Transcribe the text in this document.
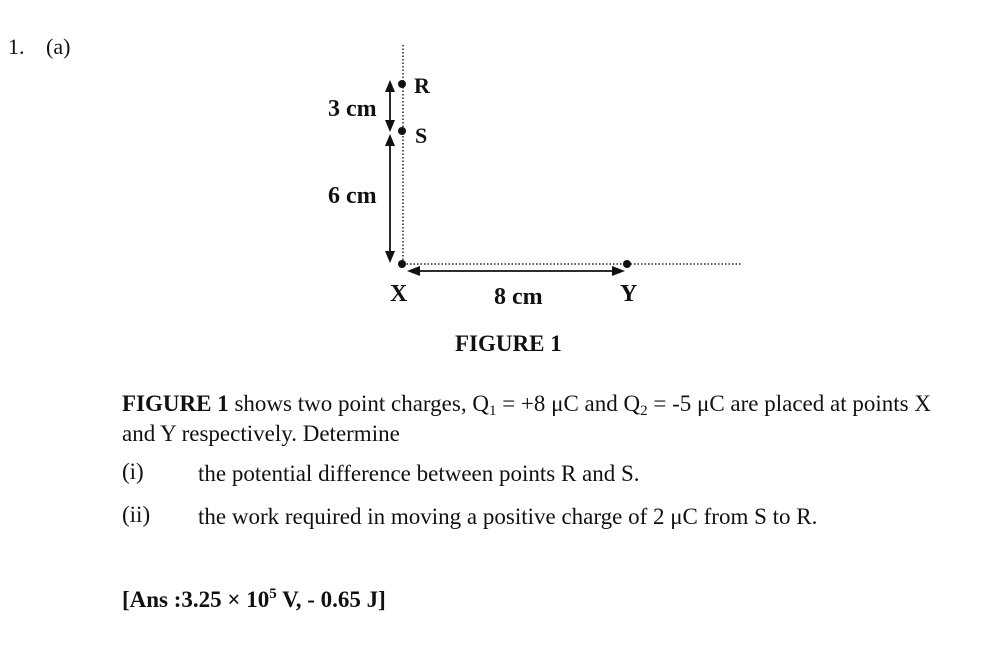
1. (a)
R
S
X	Y
3 cm
6 cm
8 cm
FIGURE 1
FIGURE 1 shows two point charges, $Q_1 = +8$ μC and $Q_2 = -5$ μC are placed at points X and Y respectively. Determine
(i) the potential difference between points R and S.
(ii) the work required in moving a positive charge of 2 μC from S to R.
[Ans :3.25 × $10^5$ V, - 0.65 J]
